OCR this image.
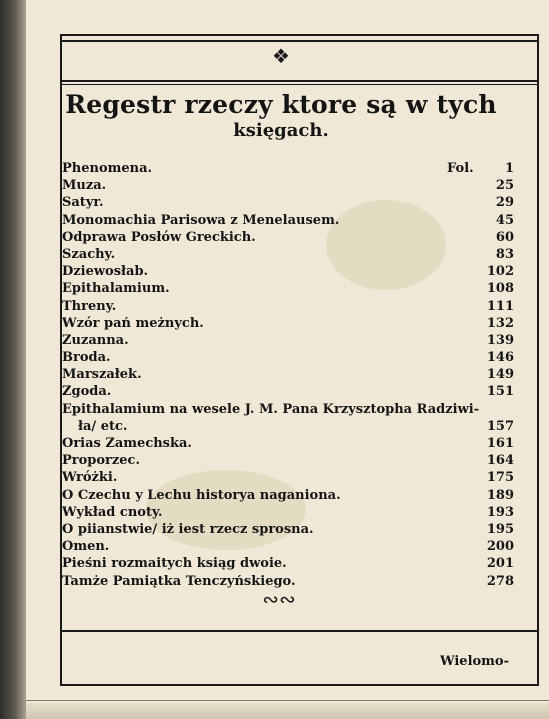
❖
Regestr rzeczy ktore są w tych
księgach.
Phenomena.	Fol. 1
Muza.	25
Satyr.	29
Monomachia Parisowa z Menelausem.	45
Odprawa Posłów Greckich.	60
Szachy.	83
Dziewosłab.	102
Epithalamium.	108
Threny.	111
Wzór pań meżnych.	132
Zuzanna.	139
Broda.	146
Marszałek.	149
Zgoda.	151
Epithalamium na wesele J. M. Pana Krzysztopha Radziwi-
ła/ etc.	157
Orias Zamechska.	161
Proporzec.	164
Wróżki.	175
O Czechu y Lechu historya naganiona.	189
Wykład cnoty.	193
O piianstwie/ iż iest rzecz sprosna.	195
Omen.	200
Pieśni rozmaitych ksiąg dwoie.	201
Tamże Pamiątka Tenczyńskiego.	278
∾∾
Wielomo-
